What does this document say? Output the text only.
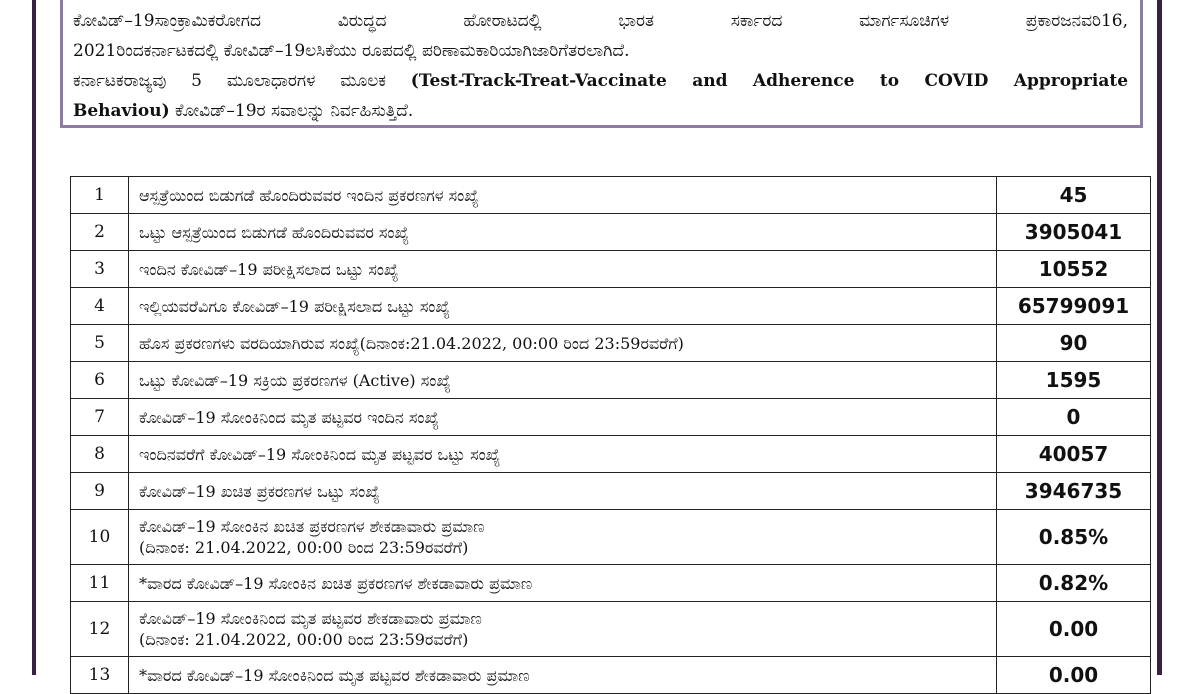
ಕೋವಿಡ್–19ಸಾಂಕ್ರಾಮಿಕರೋಗದ ವಿರುದ್ಧದ ಹೋರಾಟದಲ್ಲಿ ಭಾರತ ಸರ್ಕಾರದ ಮಾರ್ಗಸೂಚಿಗಳ ಪ್ರಕಾರಜನವರಿ16,

2021ರಿಂದಕರ್ನಾಟಕದಲ್ಲಿ ಕೋವಿಡ್–19ಲಸಿಕೆಯು ರೂಪದಲ್ಲಿ ಪರಿಣಾಮಕಾರಿಯಾಗಿಜಾರಿಗೆತರಲಾಗಿದೆ.

ಕರ್ನಾಟಕರಾಜ್ಯವು 5 ಮೂಲಾಧಾರಗಳ ಮೂಲಕ (Test-Track-Treat-Vaccinate and Adherence to COVID Appropriate

Behaviou) ಕೋವಿಡ್–19ರ ಸವಾಲನ್ನು ನಿರ್ವಹಿಸುತ್ತಿದೆ.

1	ಆಸ್ಪತ್ರೆಯಿಂದ ಬಿಡುಗಡೆ ಹೊಂದಿರುವವರ ಇಂದಿನ ಪ್ರಕರಣಗಳ ಸಂಖ್ಯೆ	45
2	ಒಟ್ಟು ಆಸ್ಪತ್ರೆಯಿಂದ ಬಿಡುಗಡೆ ಹೊಂದಿರುವವರ ಸಂಖ್ಯೆ	3905041
3	ಇಂದಿನ ಕೋವಿಡ್–19 ಪರೀಕ್ಷಿಸಲಾದ ಒಟ್ಟು ಸಂಖ್ಯೆ	10552
4	ಇಲ್ಲಿಯವರೆವಿಗೂ ಕೋವಿಡ್–19 ಪರೀಕ್ಷಿಸಲಾದ ಒಟ್ಟು ಸಂಖ್ಯೆ	65799091
5	ಹೊಸ ಪ್ರಕರಣಗಳು ವರದಿಯಾಗಿರುವ ಸಂಖ್ಯೆ(ದಿನಾಂಕ:21.04.2022, 00:00 ರಿಂದ 23:59ರವರೆಗೆ)	90
6	ಒಟ್ಟು ಕೋವಿಡ್–19 ಸಕ್ರಿಯ ಪ್ರಕರಣಗಳ (Active) ಸಂಖ್ಯೆ	1595
7	ಕೋವಿಡ್–19 ಸೋಂಕಿನಿಂದ ಮೃತ ಪಟ್ಟವರ ಇಂದಿನ ಸಂಖ್ಯೆ	0
8	ಇಂದಿನವರೆಗೆ ಕೋವಿಡ್–19 ಸೋಂಕಿನಿಂದ ಮೃತ ಪಟ್ಟವರ ಒಟ್ಟು ಸಂಖ್ಯೆ	40057
9	ಕೋವಿಡ್–19 ಖಚಿತ ಪ್ರಕರಣಗಳ ಒಟ್ಟು ಸಂಖ್ಯೆ	3946735
10	ಕೋವಿಡ್–19 ಸೋಂಕಿನ ಖಚಿತ ಪ್ರಕರಣಗಳ ಶೇಕಡಾವಾರು ಪ್ರಮಾಣ
(ದಿನಾಂಕ: 21.04.2022, 00:00 ರಿಂದ 23:59ರವರೆಗೆ)	0.85%
11	*ವಾರದ ಕೋವಿಡ್–19 ಸೋಂಕಿನ ಖಚಿತ ಪ್ರಕರಣಗಳ ಶೇಕಡಾವಾರು ಪ್ರಮಾಣ	0.82%
12	ಕೋವಿಡ್–19 ಸೋಂಕಿನಿಂದ ಮೃತ ಪಟ್ಟವರ ಶೇಕಡಾವಾರು ಪ್ರಮಾಣ
(ದಿನಾಂಕ: 21.04.2022, 00:00 ರಿಂದ 23:59ರವರೆಗೆ)	0.00
13	*ವಾರದ ಕೋವಿಡ್–19 ಸೋಂಕಿನಿಂದ ಮೃತ ಪಟ್ಟವರ ಶೇಕಡಾವಾರು ಪ್ರಮಾಣ	0.00
